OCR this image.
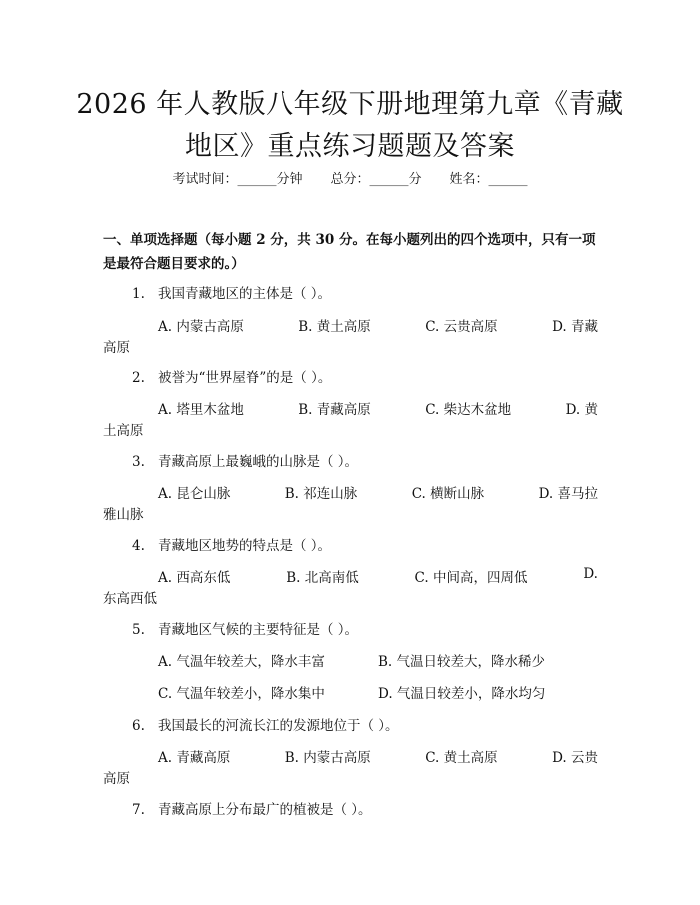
2026 年人教版八年级下册地理第九章《青藏
地区》重点练习题题及答案
考试时间：______分钟 总分：______分 姓名：______
一、单项选择题（每小题 2 分，共 30 分。在每小题列出的四个选项中，只有一项
是最符合题目要求的。）
1. 我国青藏地区的主体是（ ）。
A. 内蒙古高原	B. 黄土高原	C. 云贵高原	D. 青藏
高原
2. 被誉为“世界屋脊”的是（ ）。
A. 塔里木盆地	B. 青藏高原	C. 柴达木盆地	D. 黄
土高原
3. 青藏高原上最巍峨的山脉是（ ）。
A. 昆仑山脉	B. 祁连山脉	C. 横断山脉	D. 喜马拉
雅山脉
4. 青藏地区地势的特点是（ ）。
A. 西高东低	B. 北高南低	C. 中间高，四周低	D.
东高西低
5. 青藏地区气候的主要特征是（ ）。
A. 气温年较差大，降水丰富	B. 气温日较差大，降水稀少
C. 气温年较差小，降水集中	D. 气温日较差小，降水均匀
6. 我国最长的河流长江的发源地位于（ ）。
A. 青藏高原	B. 内蒙古高原	C. 黄土高原	D. 云贵
高原
7. 青藏高原上分布最广的植被是（ ）。
